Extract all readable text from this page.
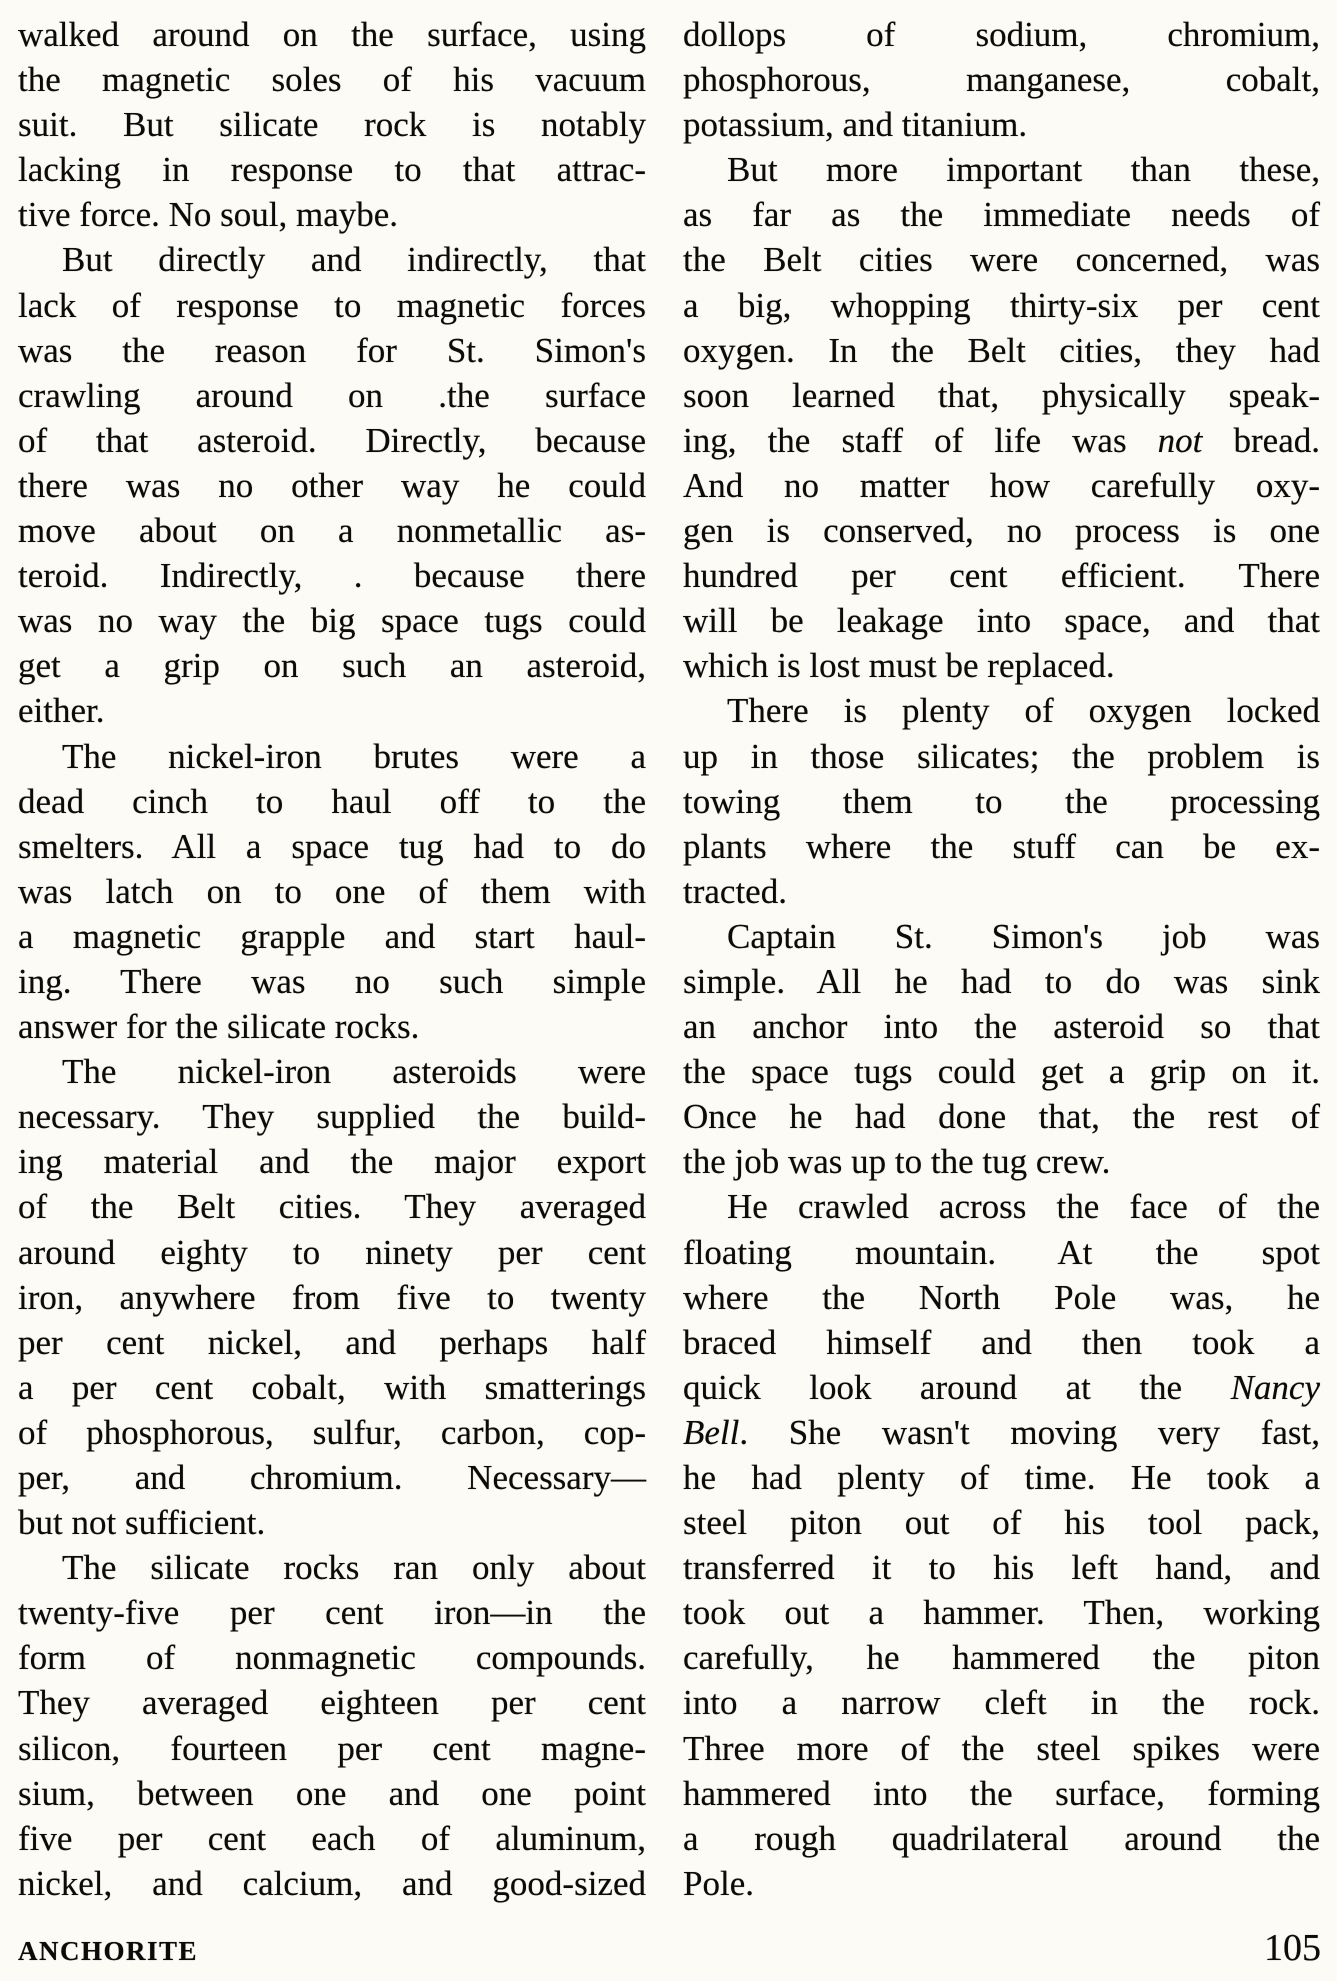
walked around on the surface, using
the magnetic soles of his vacuum
suit. But silicate rock is notably
lacking in response to that attrac-
tive force. No soul, maybe.
But directly and indirectly, that
lack of response to magnetic forces
was the reason for St. Simon's
crawling around on .the surface
of that asteroid. Directly, because
there was no other way he could
move about on a nonmetallic as-
teroid. Indirectly, . because there
was no way the big space tugs could
get a grip on such an asteroid,
either.
The nickel-iron brutes were a
dead cinch to haul off to the
smelters. All a space tug had to do
was latch on to one of them with
a magnetic grapple and start haul-
ing. There was no such simple
answer for the silicate rocks.
The nickel-iron asteroids were
necessary. They supplied the build-
ing material and the major export
of the Belt cities. They averaged
around eighty to ninety per cent
iron, anywhere from five to twenty
per cent nickel, and perhaps half
a per cent cobalt, with smatterings
of phosphorous, sulfur, carbon, cop-
per, and chromium. Necessary—
but not sufficient.
The silicate rocks ran only about
twenty-five per cent iron—in the
form of nonmagnetic compounds.
They averaged eighteen per cent
silicon, fourteen per cent magne-
sium, between one and one point
five per cent each of aluminum,
nickel, and calcium, and good-sized
dollops of sodium, chromium,
phosphorous, manganese, cobalt,
potassium, and titanium.
But more important than these,
as far as the immediate needs of
the Belt cities were concerned, was
a big, whopping thirty-six per cent
oxygen. In the Belt cities, they had
soon learned that, physically speak-
ing, the staff of life was not bread.
And no matter how carefully oxy-
gen is conserved, no process is one
hundred per cent efficient. There
will be leakage into space, and that
which is lost must be replaced.
There is plenty of oxygen locked
up in those silicates; the problem is
towing them to the processing
plants where the stuff can be ex-
tracted.
Captain St. Simon's job was
simple. All he had to do was sink
an anchor into the asteroid so that
the space tugs could get a grip on it.
Once he had done that, the rest of
the job was up to the tug crew.
He crawled across the face of the
floating mountain. At the spot
where the North Pole was, he
braced himself and then took a
quick look around at the Nancy
Bell. She wasn't moving very fast,
he had plenty of time. He took a
steel piton out of his tool pack,
transferred it to his left hand, and
took out a hammer. Then, working
carefully, he hammered the piton
into a narrow cleft in the rock.
Three more of the steel spikes were
hammered into the surface, forming
a rough quadrilateral around the
Pole.
ANCHORITE	105
